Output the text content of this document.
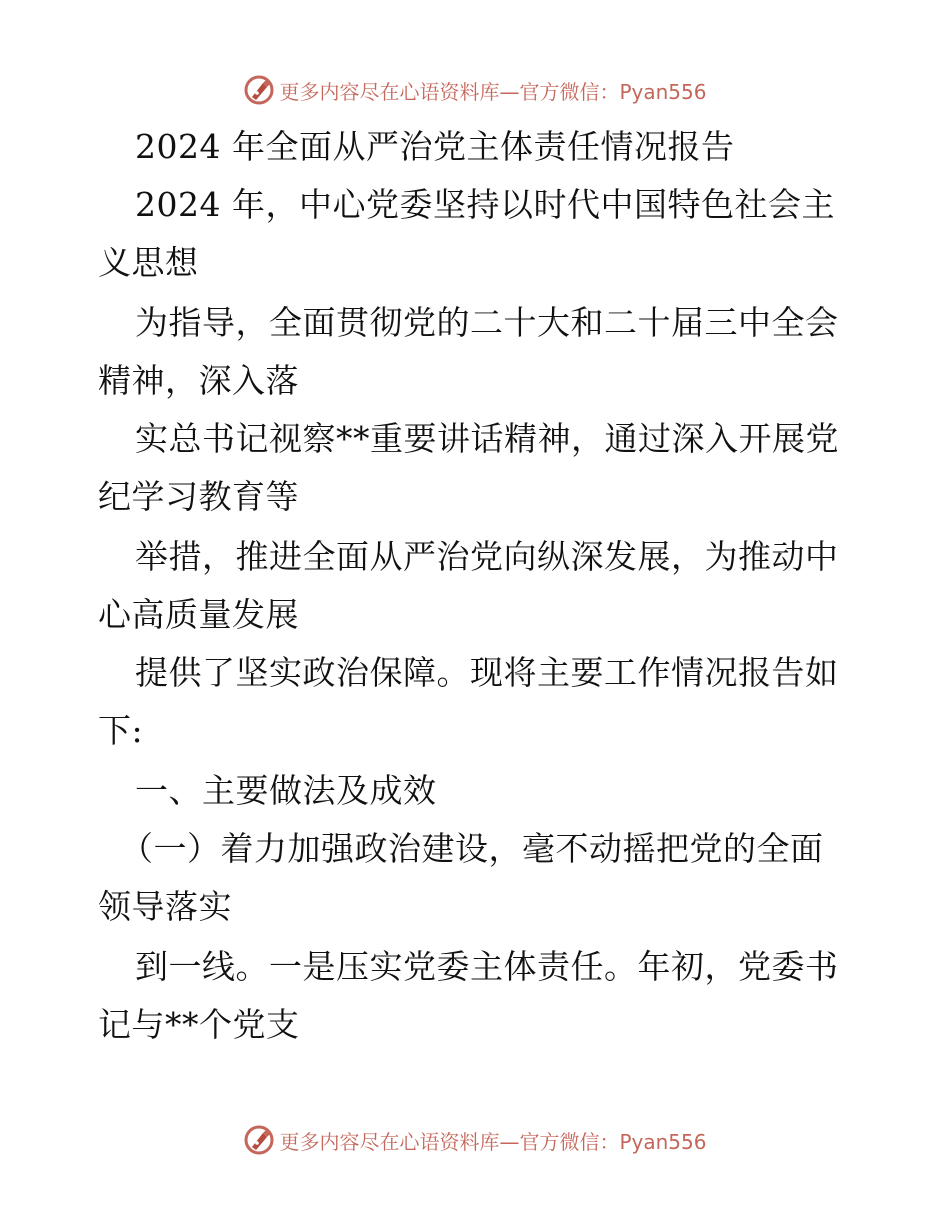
更多内容尽在心语资料库—官方微信：Pyan556
2024 年全面从严治党主体责任情况报告
2024 年，中心党委坚持以时代中国特色社会主
义思想
为指导，全面贯彻党的二十大和二十届三中全会
精神，深入落
实总书记视察**重要讲话精神，通过深入开展党
纪学习教育等
举措，推进全面从严治党向纵深发展，为推动中
心高质量发展
提供了坚实政治保障。现将主要工作情况报告如
下:
一、主要做法及成效
（一）着力加强政治建设，毫不动摇把党的全面
领导落实
到一线。一是压实党委主体责任。年初，党委书
记与**个党支
更多内容尽在心语资料库—官方微信：Pyan556
